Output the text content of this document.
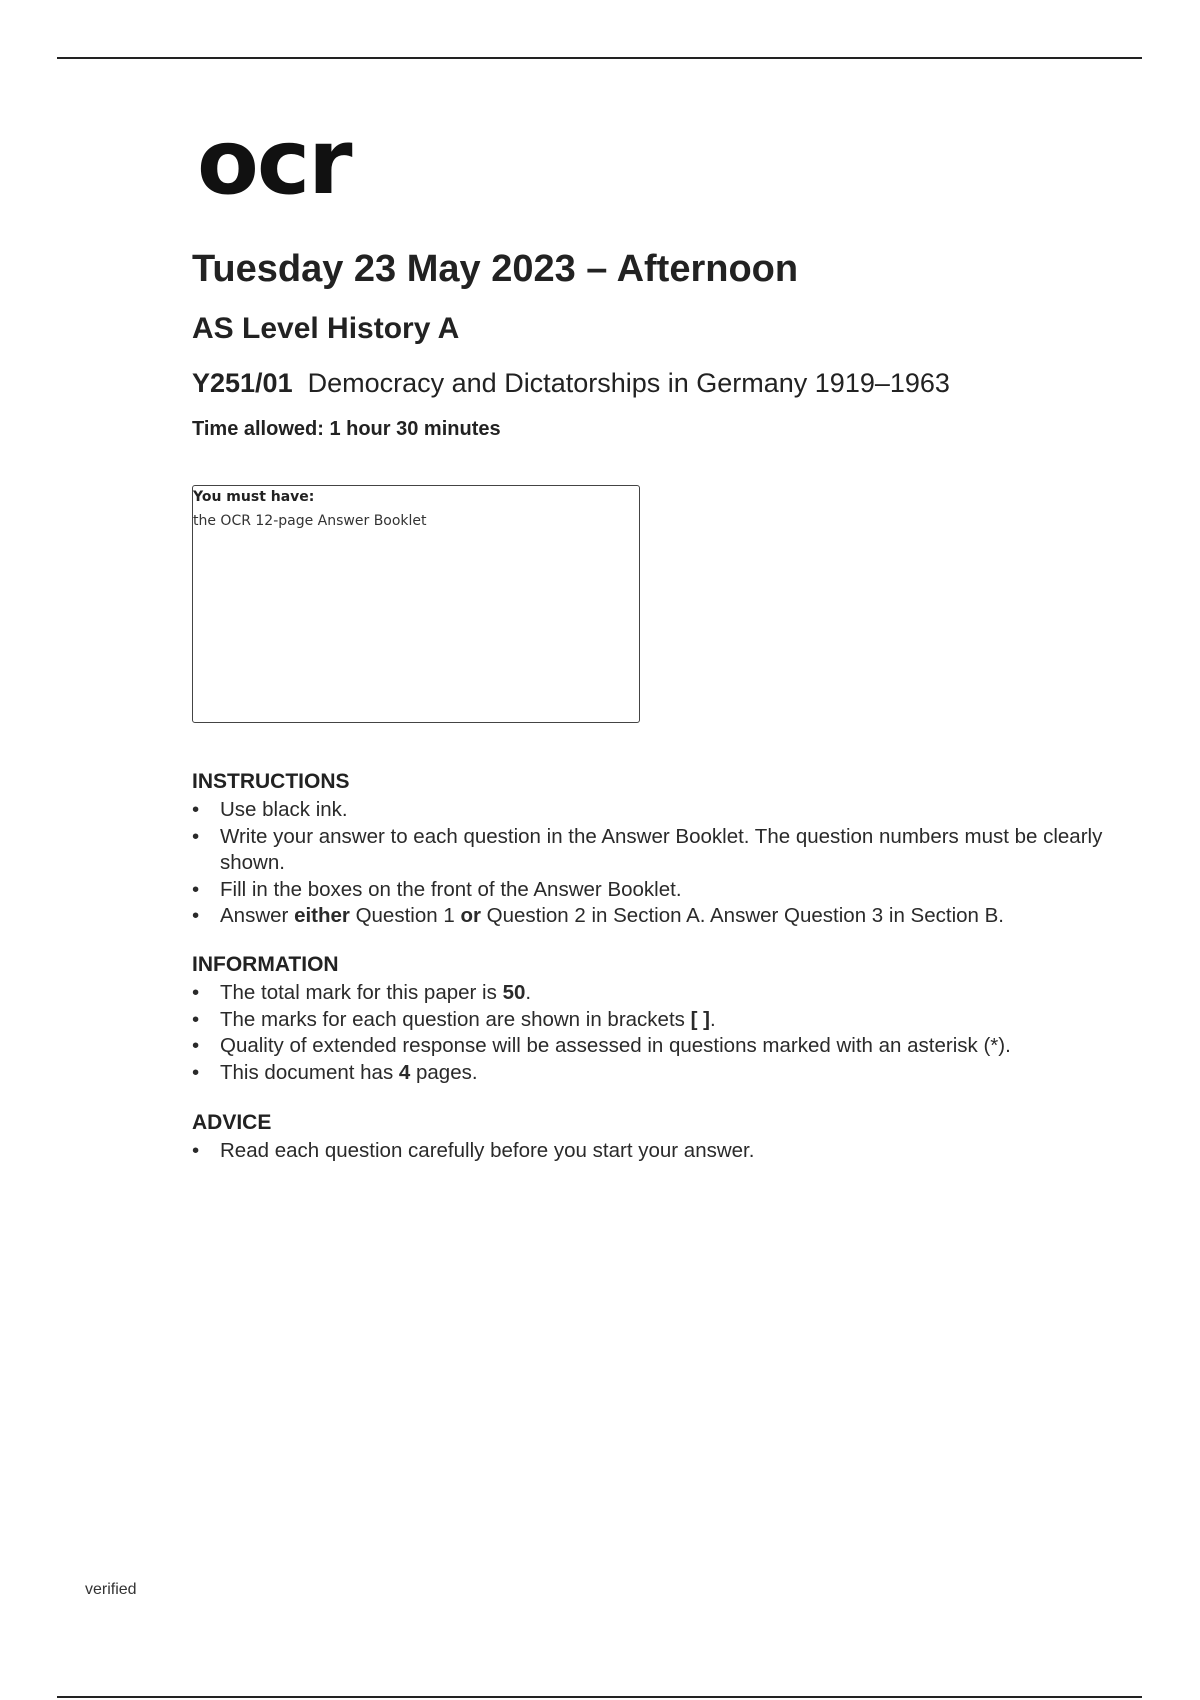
ocr
Tuesday 23 May 2023 – Afternoon
AS Level History A
Y251/01 Democracy and Dictatorships in Germany 1919–1963
Time allowed: 1 hour 30 minutes
You must have:
the OCR 12-page Answer Booklet
INSTRUCTIONS
• Use black ink.
• Write your answer to each question in the Answer Booklet. The question numbers must be clearly shown.
• Fill in the boxes on the front of the Answer Booklet.
• Answer either Question 1 or Question 2 in Section A. Answer Question 3 in Section B.
INFORMATION
• The total mark for this paper is 50.
• The marks for each question are shown in brackets [ ].
• Quality of extended response will be assessed in questions marked with an asterisk (*).
• This document has 4 pages.
ADVICE
• Read each question carefully before you start your answer.
verified
